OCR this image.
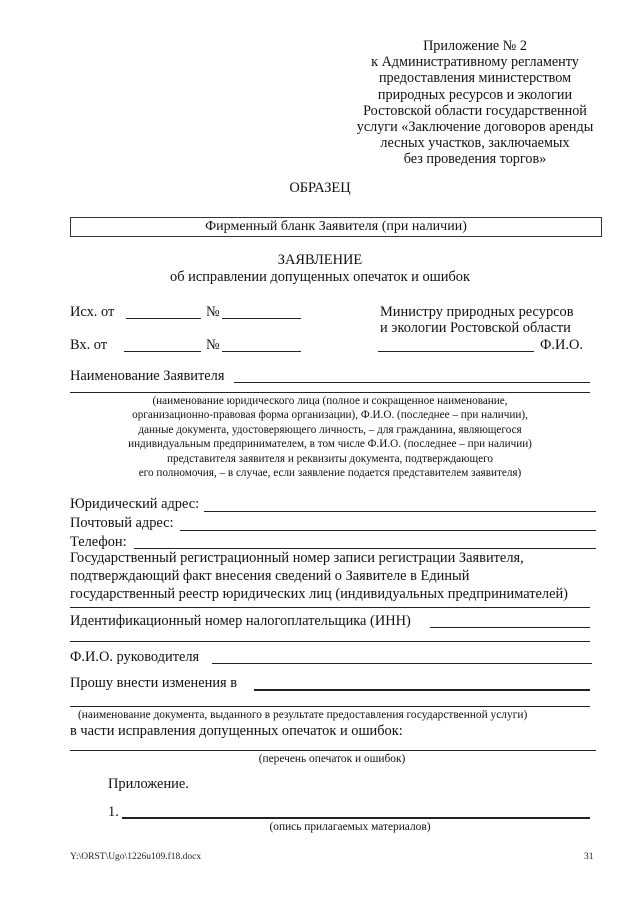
Приложение № 2
к Административному регламенту
предоставления министерством
природных ресурсов и экологии
Ростовской области государственной
услуги «Заключение договоров аренды
лесных участков, заключаемых
без проведения торгов»
ОБРАЗЕЦ
Фирменный бланк Заявителя (при наличии)
ЗАЯВЛЕНИЕ
об исправлении допущенных опечаток и ошибок
Исх. от	№
Вх. от	№
Министру природных ресурсов
и экологии Ростовской области
Ф.И.О.
Наименование Заявителя
(наименование юридического лица (полное и сокращенное наименование,
организационно-правовая форма организации), Ф.И.О. (последнее – при наличии),
данные документа, удостоверяющего личность, – для гражданина, являющегося
индивидуальным предпринимателем, в том числе Ф.И.О. (последнее – при наличии)
представителя заявителя и реквизиты документа, подтверждающего
его полномочия, – в случае, если заявление подается представителем заявителя)
Юридический адрес:
Почтовый адрес:
Телефон:
Государственный регистрационный номер записи регистрации Заявителя,
подтверждающий факт внесения сведений о Заявителе в Единый
государственный реестр юридических лиц (индивидуальных предпринимателей)
Идентификационный номер налогоплательщика (ИНН)
Ф.И.О. руководителя
Прошу внести изменения в
(наименование документа, выданного в результате предоставления государственной услуги)
в части исправления допущенных опечаток и ошибок:
(перечень опечаток и ошибок)
Приложение.
1.
(опись прилагаемых материалов)
Y:\ORST\Ugo\1226u109.f18.docx	31
